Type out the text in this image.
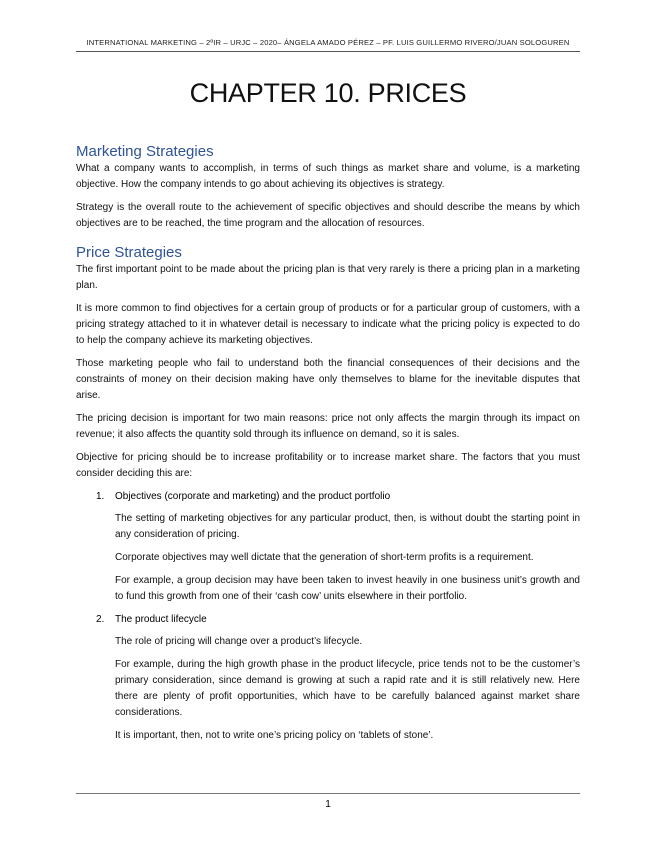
INTERNATIONAL MARKETING – 2ºIR – URJC – 2020– ÁNGELA AMADO PÉREZ – PF. LUIS GUILLERMO RIVERO/JUAN SOLOGUREN
CHAPTER 10. PRICES
Marketing Strategies

What a company wants to accomplish, in terms of such things as market share and volume, is a marketing objective. How the company intends to go about achieving its objectives is strategy.

Strategy is the overall route to the achievement of specific objectives and should describe the means by which objectives are to be reached, the time program and the allocation of resources.

Price Strategies

The first important point to be made about the pricing plan is that very rarely is there a pricing plan in a marketing plan.

It is more common to find objectives for a certain group of products or for a particular group of customers, with a pricing strategy attached to it in whatever detail is necessary to indicate what the pricing policy is expected to do to help the company achieve its marketing objectives.

Those marketing people who fail to understand both the financial consequences of their decisions and the constraints of money on their decision making have only themselves to blame for the inevitable disputes that arise.

The pricing decision is important for two main reasons: price not only affects the margin through its impact on revenue; it also affects the quantity sold through its influence on demand, so it is sales.

Objective for pricing should be to increase profitability or to increase market share. The factors that you must consider deciding this are:

1. Objectives (corporate and marketing) and the product portfolio

The setting of marketing objectives for any particular product, then, is without doubt the starting point in any consideration of pricing.

Corporate objectives may well dictate that the generation of short-term profits is a requirement.

For example, a group decision may have been taken to invest heavily in one business unit’s growth and to fund this growth from one of their ‘cash cow’ units elsewhere in their portfolio.

2. The product lifecycle

The role of pricing will change over a product’s lifecycle.

For example, during the high growth phase in the product lifecycle, price tends not to be the customer’s primary consideration, since demand is growing at such a rapid rate and it is still relatively new. Here there are plenty of profit opportunities, which have to be carefully balanced against market share considerations.

It is important, then, not to write one’s pricing policy on ‘tablets of stone’.

1
